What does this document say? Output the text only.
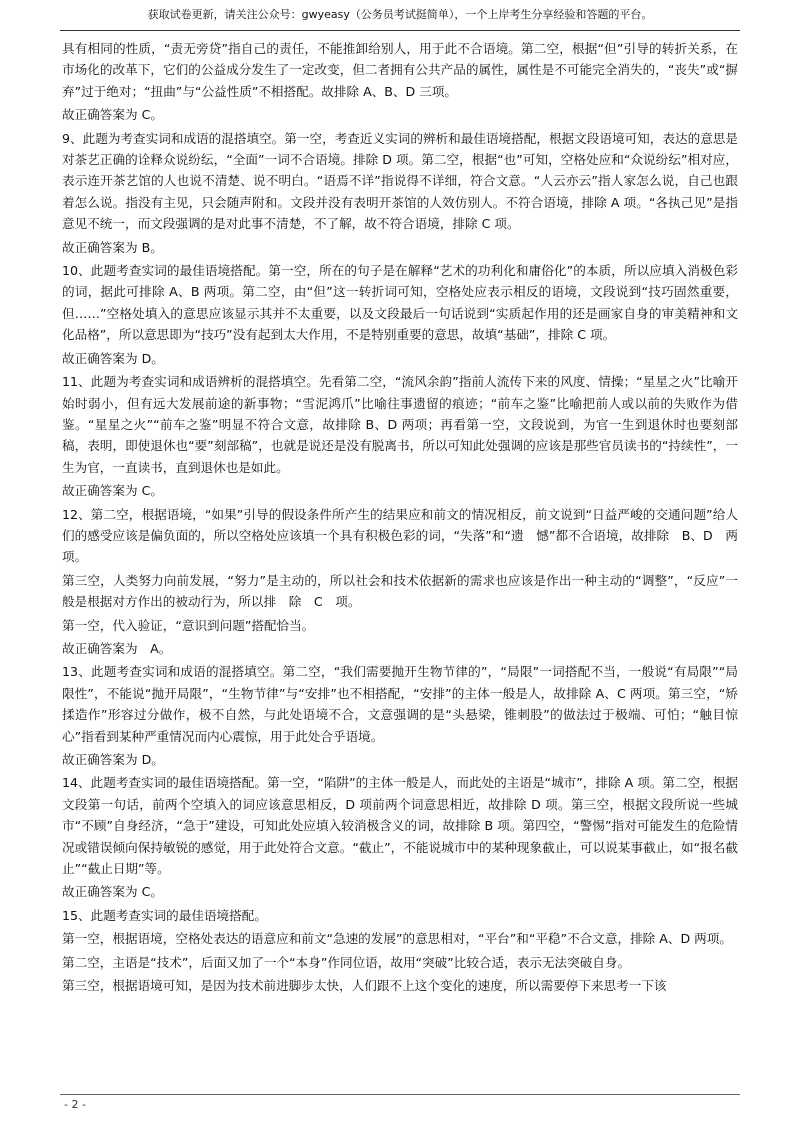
获取试卷更新，请关注公众号：gwyeasy（公务员考试挺简单），一个上岸考生分享经验和答题的平台。

具有相同的性质，“责无旁贷”指自己的责任，不能推卸给别人，用于此不合语境。第二空，根据“但”引导的转折关系，在市场化的改革下，它们的公益成分发生了一定改变，但二者拥有公共产品的属性，属性是不可能完全消失的，“丧失”或“摒弃”过于绝对；“扭曲”与“公益性质”不相搭配。故排除 A、B、D 三项。

故正确答案为 C。

9、此题为考查实词和成语的混搭填空。第一空，考查近义实词的辨析和最佳语境搭配，根据文段语境可知，表达的意思是对茶艺正确的诠释众说纷纭，“全面”一词不合语境。排除 D 项。第二空，根据“也”可知，空格处应和“众说纷纭”相对应，表示连开茶艺馆的人也说不清楚、说不明白。“语焉不详”指说得不详细，符合文意。“人云亦云”指人家怎么说，自己也跟着怎么说。指没有主见，只会随声附和。文段并没有表明开茶馆的人效仿别人。不符合语境，排除 A 项。“各执己见”是指意见不统一，而文段强调的是对此事不清楚，不了解，故不符合语境，排除 C 项。

故正确答案为 B。

10、此题考查实词的最佳语境搭配。第一空，所在的句子是在解释“艺术的功利化和庸俗化”的本质，所以应填入消极色彩的词，据此可排除 A、B 两项。第二空，由“但”这一转折词可知，空格处应表示相反的语境，文段说到“技巧固然重要，但……”空格处填入的意思应该显示其并不太重要，以及文段最后一句话说到“实质起作用的还是画家自身的审美精神和文化品格”，所以意思即为“技巧”没有起到太大作用，不是特别重要的意思，故填“基础”，排除 C 项。

故正确答案为 D。

11、此题为考查实词和成语辨析的混搭填空。先看第二空，“流风余韵”指前人流传下来的风度、情操；“星星之火”比喻开始时弱小，但有远大发展前途的新事物；“雪泥鸿爪”比喻往事遗留的痕迹；“前车之鉴”比喻把前人或以前的失败作为借鉴。“星星之火”“前车之鉴”明显不符合文意，故排除 B、D 两项；再看第一空，文段说到，为官一生到退休时也要刻部稿，表明，即使退休也“要”刻部稿”，也就是说还是没有脱离书，所以可知此处强调的应该是那些官员读书的“持续性”，一生为官，一直读书，直到退休也是如此。

故正确答案为 C。

12、第二空，根据语境，“如果”引导的假设条件所产生的结果应和前文的情况相反，前文说到“日益严峻的交通问题”给人们的感受应该是偏负面的，所以空格处应该填一个具有积极色彩的词，“失落”和“遗　憾”都不合语境，故排除　B、D　两项。

第三空，人类努力向前发展，“努力”是主动的，所以社会和技术依据新的需求也应该是作出一种主动的“调整”，“反应”一般是根据对方作出的被动行为，所以排　除　C　项。

第一空，代入验证，“意识到问题”搭配恰当。

故正确答案为　A。

13、此题考查实词和成语的混搭填空。第二空，“我们需要抛开生物节律的”，“局限”一词搭配不当，一般说“有局限”“局限性”，不能说“抛开局限”，“生物节律”与“安排”也不相搭配，“安排”的主体一般是人，故排除 A、C 两项。第三空，“矫揉造作”形容过分做作，极不自然，与此处语境不合，文意强调的是“头悬梁，锥刺股”的做法过于极端、可怕；“触目惊心”指看到某种严重情况而内心震惊，用于此处合乎语境。

故正确答案为 D。

14、此题考查实词的最佳语境搭配。第一空，“陷阱”的主体一般是人，而此处的主语是“城市”，排除 A 项。第二空，根据文段第一句话，前两个空填入的词应该意思相反，D 项前两个词意思相近，故排除 D 项。第三空，根据文段所说一些城市“不顾”自身经济，“急于”建设，可知此处应填入较消极含义的词，故排除 B 项。第四空，“警惕”指对可能发生的危险情况或错误倾向保持敏锐的感觉，用于此处符合文意。“截止”，不能说城市中的某种现象截止，可以说某事截止，如“报名截止”“截止日期”等。

故正确答案为 C。

15、此题考查实词的最佳语境搭配。

第一空，根据语境，空格处表达的语意应和前文“急速的发展”的意思相对，“平台”和“平稳”不合文意，排除 A、D 两项。

第二空，主语是“技术”，后面又加了一个“本身”作同位语，故用“突破”比较合适，表示无法突破自身。

第三空，根据语境可知，是因为技术前进脚步太快，人们跟不上这个变化的速度，所以需要停下来思考一下该

- 2 -
